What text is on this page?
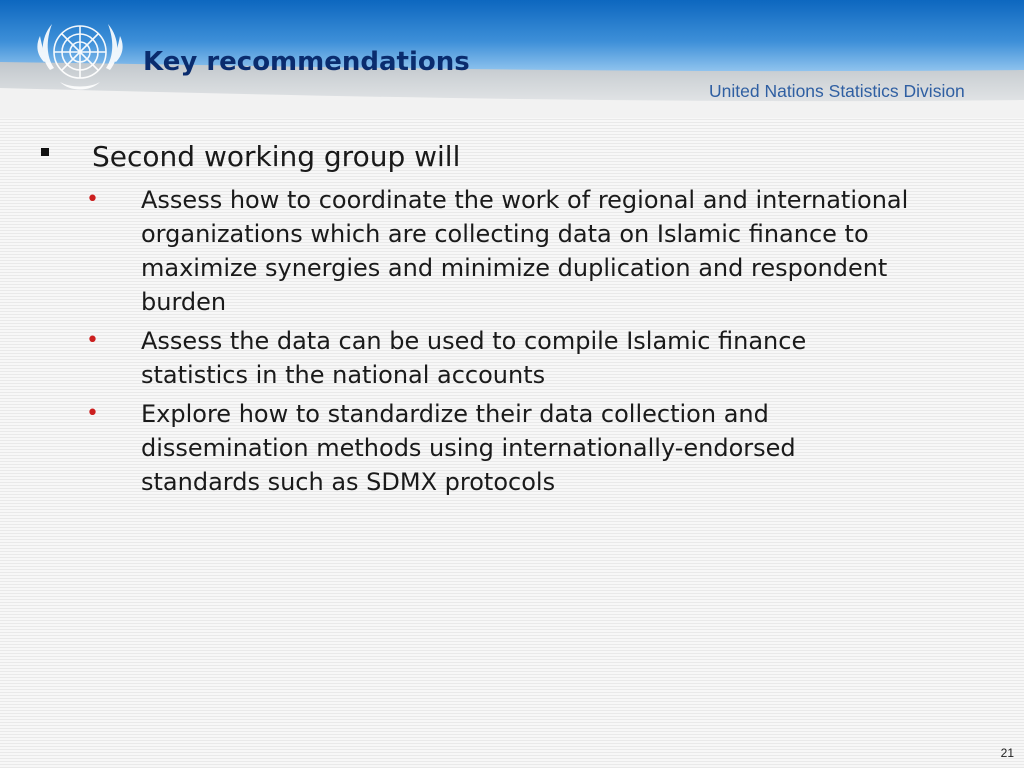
Key recommendations
United Nations Statistics Division
Second working group will
• Assess how to coordinate the work of regional and international organizations which are collecting data on Islamic finance to maximize synergies and minimize duplication and respondent burden
• Assess the data can be used to compile Islamic finance statistics in the national accounts
• Explore how to standardize their data collection and dissemination methods using internationally-endorsed standards such as SDMX protocols
21
